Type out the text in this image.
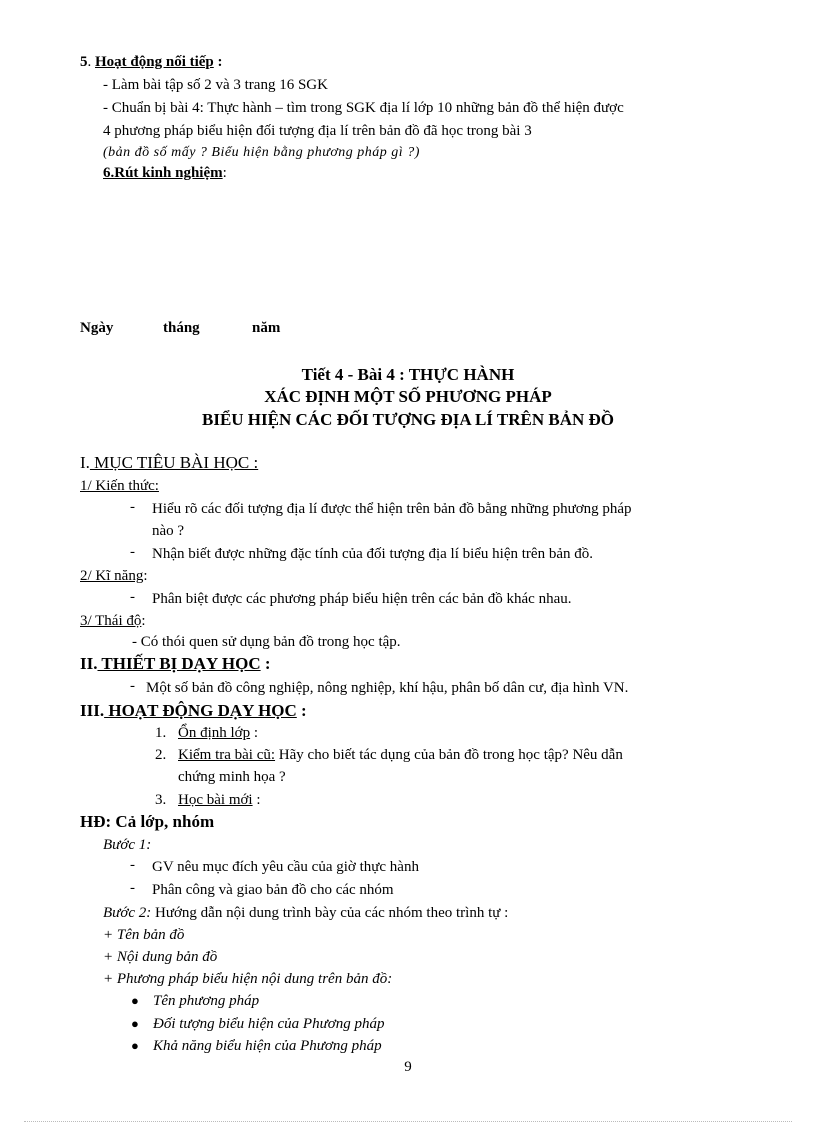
5. Hoạt động nối tiếp :
- Làm bài tập số 2 và 3 trang 16 SGK
- Chuẩn bị bài 4: Thực hành – tìm trong SGK địa lí lớp 10 những bản đồ thể hiện được
4 phương pháp biểu hiện đối tượng địa lí trên bản đồ đã học trong bài 3
(bản đồ số mấy ? Biểu hiện bằng phương pháp gì ?)
6.Rút kinh nghiệm:
Ngày	tháng	năm
Tiết 4 - Bài 4 : THỰC HÀNH
XÁC ĐỊNH MỘT SỐ PHƯƠNG PHÁP
BIỂU HIỆN CÁC ĐỐI TƯỢNG ĐỊA LÍ TRÊN BẢN ĐỒ
I. MỤC TIÊU BÀI HỌC :
1/ Kiến thức:
- Hiểu rõ các đối tượng địa lí được thể hiện trên bản đồ bằng những phương pháp
nào ?
- Nhận biết được những đặc tính của đối tượng địa lí biểu hiện trên bản đồ.
2/ Kĩ năng:
- Phân biệt được các phương pháp biểu hiện trên các bản đồ khác nhau.
3/ Thái độ:
- Có thói quen sử dụng bản đồ trong học tập.
II. THIẾT BỊ DẠY HỌC :
- Một số bản đồ công nghiệp, nông nghiệp, khí hậu, phân bố dân cư, địa hình VN.
III. HOẠT ĐỘNG DẠY HỌC :
1. Ổn định lớp :
2. Kiểm tra bài cũ: Hãy cho biết tác dụng của bản đồ trong học tập? Nêu dẫn
chứng minh họa ?
3. Học bài mới :
HĐ: Cả lớp, nhóm
Bước 1:
- GV nêu mục đích yêu cầu của giờ thực hành
- Phân công và giao bản đồ cho các nhóm
Bước 2: Hướng dẫn nội dung trình bày của các nhóm theo trình tự :
+ Tên bản đồ
+ Nội dung bản đồ
+ Phương pháp biểu hiện nội dung trên bản đồ:
● Tên phương pháp
● Đối tượng biểu hiện của Phương pháp
● Khả năng biểu hiện của Phương pháp
9
